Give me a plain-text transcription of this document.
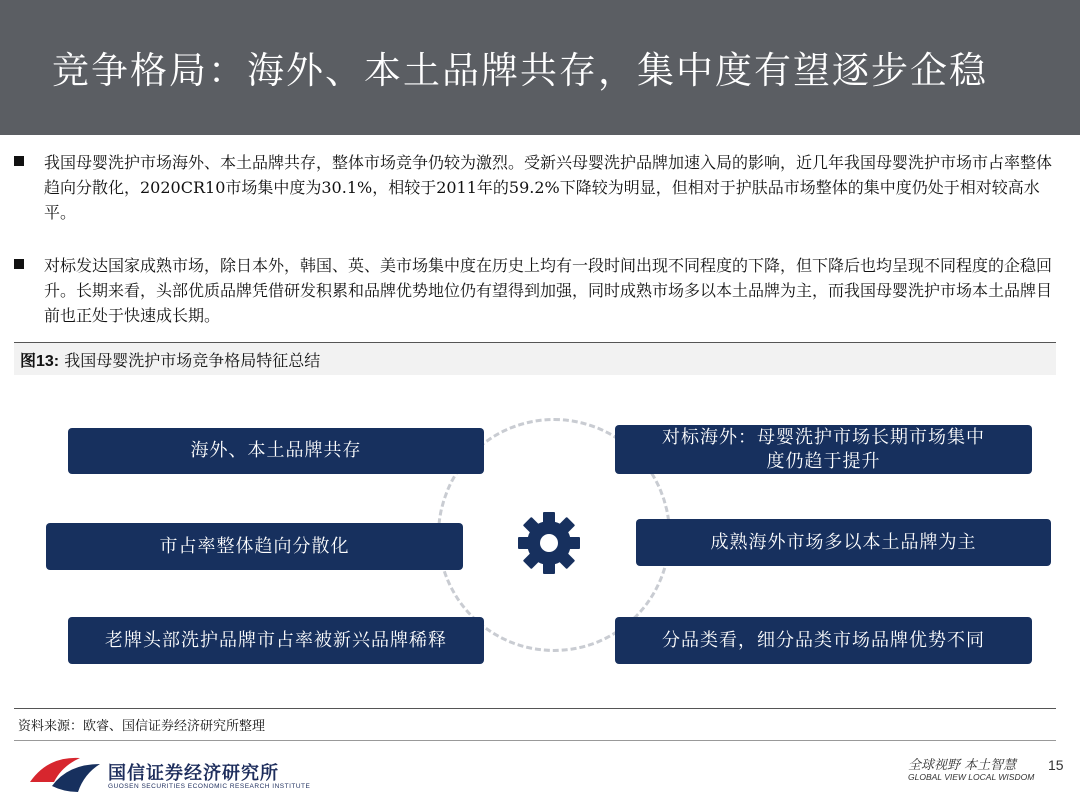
竞争格局：海外、本土品牌共存，集中度有望逐步企稳
我国母婴洗护市场海外、本土品牌共存，整体市场竞争仍较为激烈。受新兴母婴洗护品牌加速入局的影响，近几年我国母婴洗护市场市占率整体趋向分散化，2020CR10市场集中度为30.1%，相较于2011年的59.2%下降较为明显，但相对于护肤品市场整体的集中度仍处于相对较高水平。
对标发达国家成熟市场，除日本外，韩国、英、美市场集中度在历史上均有一段时间出现不同程度的下降，但下降后也均呈现不同程度的企稳回升。长期来看，头部优质品牌凭借研发积累和品牌优势地位仍有望得到加强，同时成熟市场多以本土品牌为主，而我国母婴洗护市场本土品牌目前也正处于快速成长期。
图13: 我国母婴洗护市场竞争格局特征总结
海外、本土品牌共存
市占率整体趋向分散化
老牌头部洗护品牌市占率被新兴品牌稀释
对标海外：母婴洗护市场长期市场集中度仍趋于提升
成熟海外市场多以本土品牌为主
分品类看，细分品类市场品牌优势不同
资料来源：欧睿、国信证券经济研究所整理
国信证券经济研究所
GUOSEN SECURITIES ECONOMIC RESEARCH INSTITUTE
全球视野 本土智慧
GLOBAL VIEW LOCAL WISDOM
15
